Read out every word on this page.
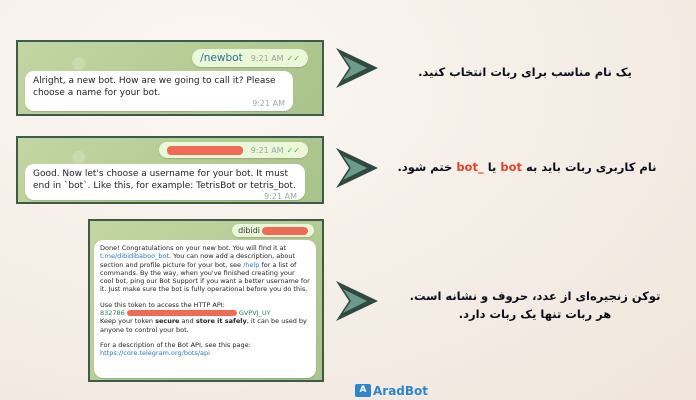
/newbot 9:21 AM ✓✓
Alright, a new bot. How are we going to call it? Please choose a name for your bot.
9:21 AM
9:21 AM ✓✓
Good. Now let's choose a username for your bot. It must end in `bot`. Like this, for example: TetrisBot or tetris_bot.
9:21 AM
dibidi
Done! Congratulations on your new bot. You will find it at t.me/dibidibaboo_bot. You can now add a description, about section and profile picture for your bot, see /help for a list of commands. By the way, when you've finished creating your cool bot, ping our Bot Support if you want a better username for it. Just make sure the bot is fully operational before you do this.
Use this token to access the HTTP API:
832786	GVPVJ_UY
Keep your token secure and store it safely, it can be used by anyone to control your bot.
For a description of the Bot API, see this page:
https://core.telegram.org/bots/api
یک نام مناسب برای ربات انتخاب کنید.
نام کاربری ربات باید به bot یا _bot ختم شود.
توکن زنجیره‌ای از عدد، حروف و نشانه است.
هر ربات تنها یک ربات دارد.
A AradBot
